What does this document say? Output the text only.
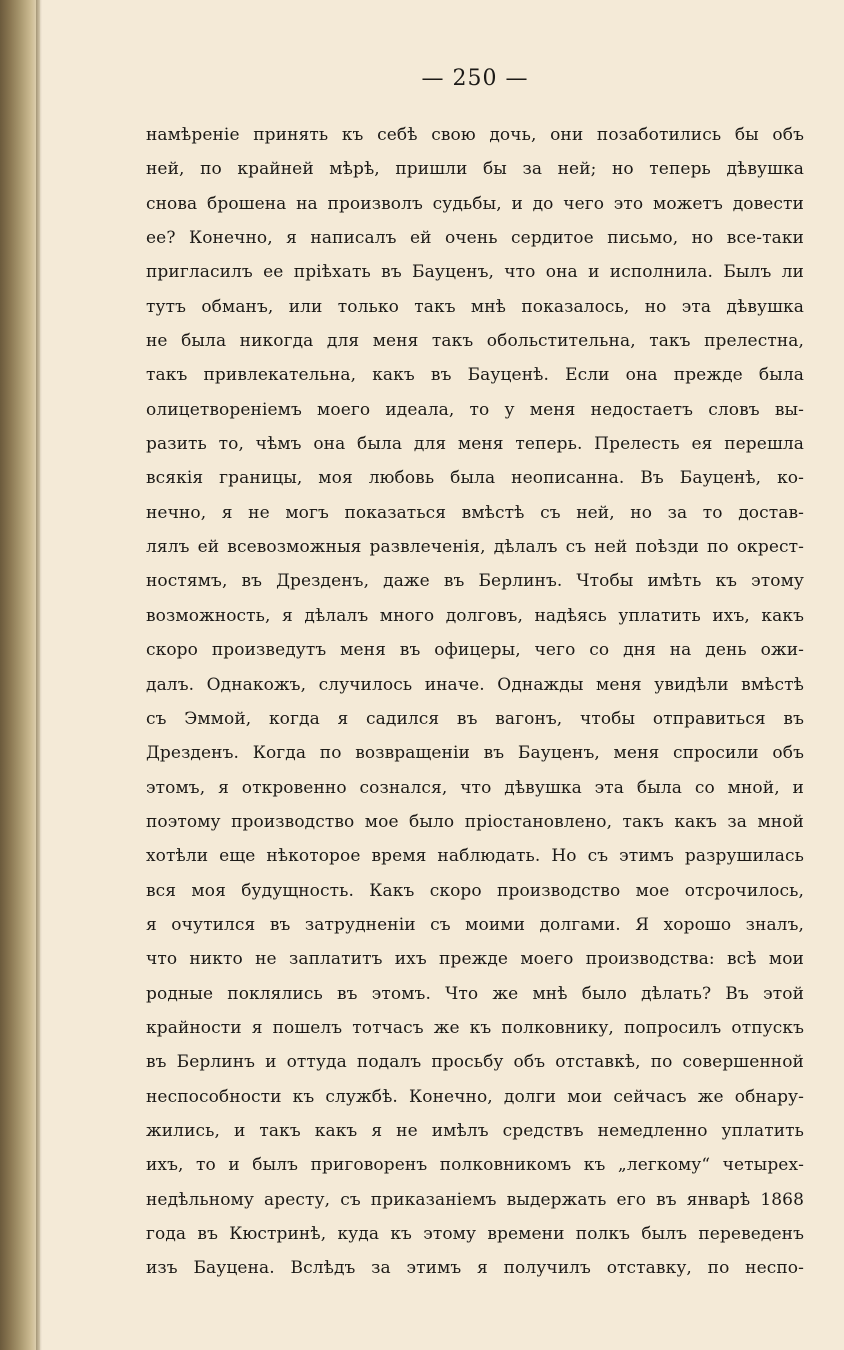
— 250 —
намѣреніе принять къ себѣ свою дочь, они позаботились бы объ
ней, по крайней мѣрѣ, пришли бы за ней; но теперь дѣвушка
снова брошена на произволъ судьбы, и до чего это можетъ довести
ее? Конечно, я написалъ ей очень сердитое письмо, но все-таки
пригласилъ ее пріѣхать въ Бауценъ, что она и исполнила. Былъ ли
тутъ обманъ, или только такъ мнѣ показалось, но эта дѣвушка
не была никогда для меня такъ обольстительна, такъ прелестна,
такъ привлекательна, какъ въ Бауценѣ. Если она прежде была
олицетвореніемъ моего идеала, то у меня недостаетъ словъ вы-
разить то, чѣмъ она была для меня теперь. Прелесть ея перешла
всякія границы, моя любовь была неописанна. Въ Бауценѣ, ко-
нечно, я не могъ показаться вмѣстѣ съ ней, но за то достав-
лялъ ей всевозможныя развлеченія, дѣлалъ съ ней поѣзди по окрест-
ностямъ, въ Дрезденъ, даже въ Берлинъ. Чтобы имѣть къ этому
возможность, я дѣлалъ много долговъ, надѣясь уплатить ихъ, какъ
скоро произведутъ меня въ офицеры, чего со дня на день ожи-
далъ. Однакожъ, случилось иначе. Однажды меня увидѣли вмѣстѣ
съ Эммой, когда я садился въ вагонъ, чтобы отправиться въ
Дрезденъ. Когда по возвращеніи въ Бауценъ, меня спросили объ
этомъ, я откровенно сознался, что дѣвушка эта была со мной, и
поэтому производство мое было пріостановлено, такъ какъ за мной
хотѣли еще нѣкоторое время наблюдать. Но съ этимъ разрушилась
вся моя будущность. Какъ скоро производство мое отсрочилось,
я очутился въ затрудненіи съ моими долгами. Я хорошо зналъ,
что никто не заплатитъ ихъ прежде моего производства: всѣ мои
родные поклялись въ этомъ. Что же мнѣ было дѣлать? Въ этой
крайности я пошелъ тотчасъ же къ полковнику, попросилъ отпускъ
въ Берлинъ и оттуда подалъ просьбу объ отставкѣ, по совершенной
неспособности къ службѣ. Конечно, долги мои сейчасъ же обнару-
жились, и такъ какъ я не имѣлъ средствъ немедленно уплатить
ихъ, то и былъ приговоренъ полковникомъ къ „легкому“ четырех-
недѣльному аресту, съ приказаніемъ выдержать его въ январѣ 1868
года въ Кюстринѣ, куда къ этому времени полкъ былъ переведенъ
изъ Бауцена. Вслѣдъ за этимъ я получилъ отставку, по неспо-
